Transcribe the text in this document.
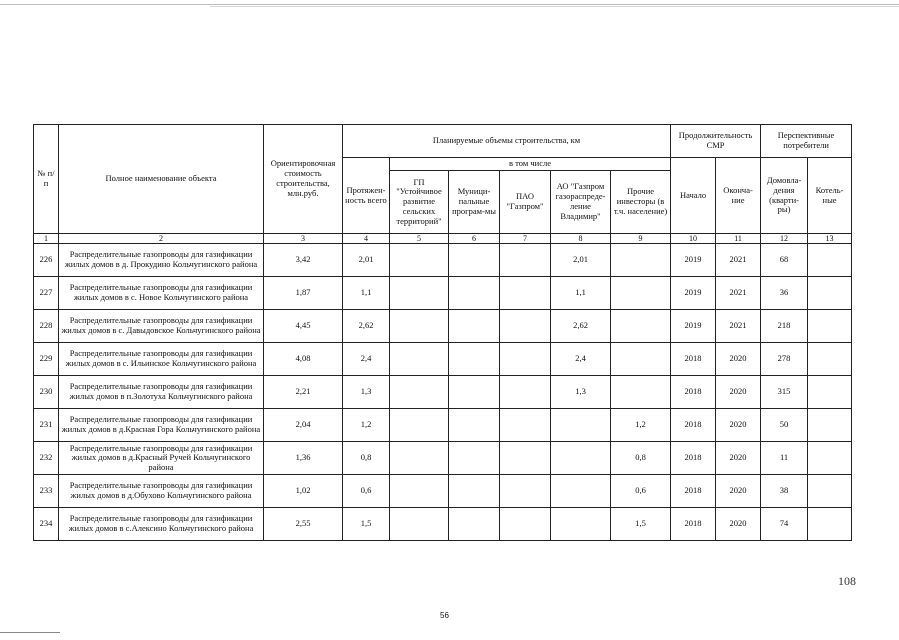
№ п/п	Полное наименование объекта	Ориентировочная стоимость строительства, млн.руб.	Планируемые объемы строительства, км						Продолжительность СМР		Перспективные потребители	
			Протяжен-ность всего	в том числе					Начало	Оконча-ние	Домовла-дения (кварти-ры)	Котель-ные
				ГП "Устойчивое развитие сельских территорий"	Муници-пальные програм-мы	ПАО "Газпром"	АО "Газпром газораспреде-ление Владимир"	Прочие инвесторы (в т.ч. население)				
1	2	3	4	5	6	7	8	9	10	11	12	13
226	Распределительные газопроводы для газификации жилых домов в д. Прокудино Кольчугинского района	3,42	2,01				2,01		2019	2021	68	
227	Распределительные газопроводы для газификации жилых домов в с. Новое Кольчугинского района	1,87	1,1				1,1		2019	2021	36	
228	Распределительные газопроводы для газификации жилых домов в с. Давыдовское Кольчугинского района	4,45	2,62				2,62		2019	2021	218	
229	Распределительные газопроводы для газификации жилых домов в с. Ильинское Кольчугинского района	4,08	2,4				2,4		2018	2020	278	
230	Распределительные газопроводы для газификации жилых домов в п.Золотуха Кольчугинского района	2,21	1,3				1,3		2018	2020	315	
231	Распределительные газопроводы для газификации жилых домов в д.Красная Гора Кольчугинского района	2,04	1,2					1,2	2018	2020	50	
232	Распределительные газопроводы для газификации жилых домов в д.Красный Ручей Кольчугинского района	1,36	0,8					0,8	2018	2020	11	
233	Распределительные газопроводы для газификации жилых домов в д.Обухово Кольчугинского района	1,02	0,6					0,6	2018	2020	38	
234	Распределительные газопроводы для газификации жилых домов в с.Алексино Кольчугинского района	2,55	1,5					1,5	2018	2020	74	
108
56
